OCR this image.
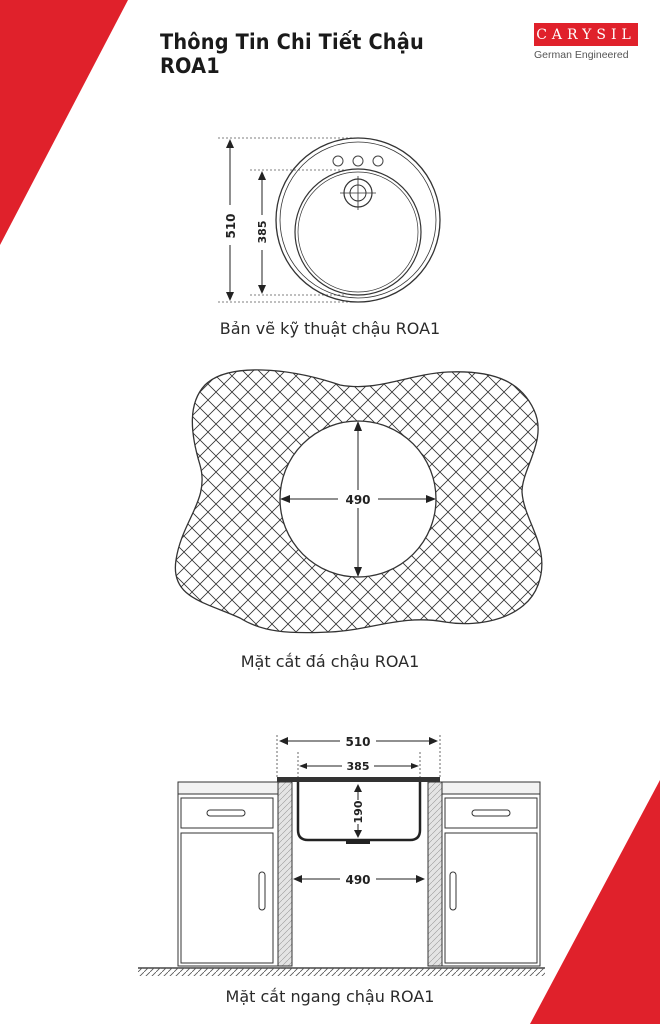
Thông Tin Chi Tiết Chậu ROA1
CARYSIL
German Engineered
510 385
Bản vẽ kỹ thuật chậu ROA1
490
Mặt cắt đá chậu ROA1
510
385
190
490
Mặt cắt ngang chậu ROA1
